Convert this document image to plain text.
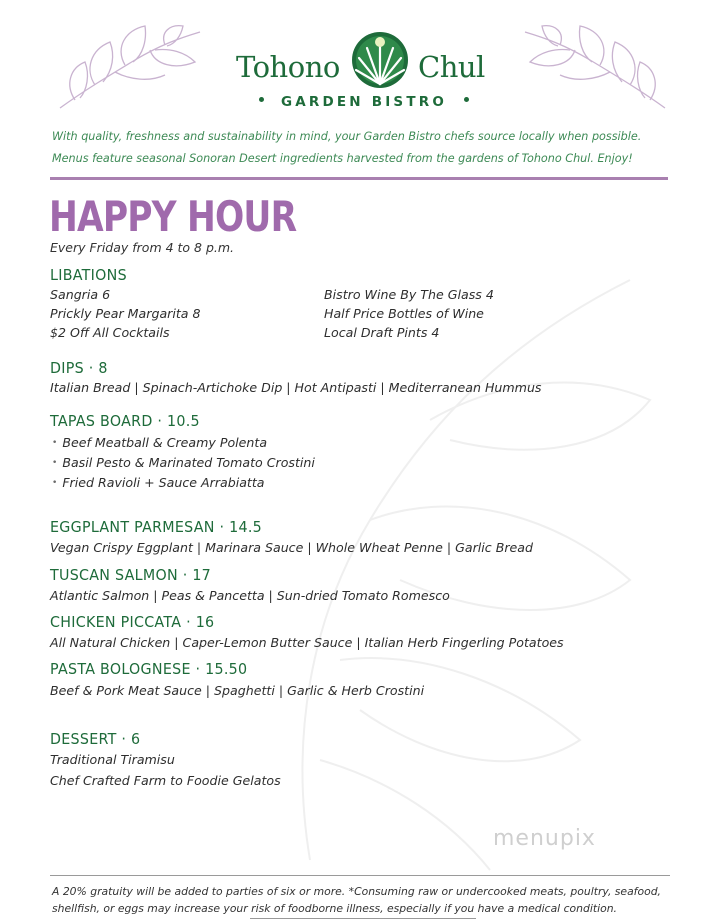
Tohono	Chul
GARDEN BISTRO
With quality, freshness and sustainability in mind, your Garden Bistro chefs source locally when possible.
Menus feature seasonal Sonoran Desert ingredients harvested from the gardens of Tohono Chul. Enjoy!
HAPPY HOUR
Every Friday from 4 to 8 p.m.
LIBATIONS
Sangria 6
Prickly Pear Margarita 8
$2 Off All Cocktails
Bistro Wine By The Glass 4
Half Price Bottles of Wine
Local Draft Pints 4
DIPS · 8
Italian Bread | Spinach-Artichoke Dip | Hot Antipasti | Mediterranean Hummus
TAPAS BOARD · 10.5
• Beef Meatball & Creamy Polenta
• Basil Pesto & Marinated Tomato Crostini
• Fried Ravioli + Sauce Arrabiatta
EGGPLANT PARMESAN · 14.5
Vegan Crispy Eggplant | Marinara Sauce | Whole Wheat Penne | Garlic Bread
TUSCAN SALMON · 17
Atlantic Salmon | Peas & Pancetta | Sun-dried Tomato Romesco
CHICKEN PICCATA · 16
All Natural Chicken | Caper-Lemon Butter Sauce | Italian Herb Fingerling Potatoes
PASTA BOLOGNESE · 15.50
Beef & Pork Meat Sauce | Spaghetti | Garlic & Herb Crostini
DESSERT · 6
Traditional Tiramisu
Chef Crafted Farm to Foodie Gelatos
menupix
A 20% gratuity will be added to parties of six or more. *Consuming raw or undercooked meats, poultry, seafood,
shellfish, or eggs may increase your risk of foodborne illness, especially if you have a medical condition.
